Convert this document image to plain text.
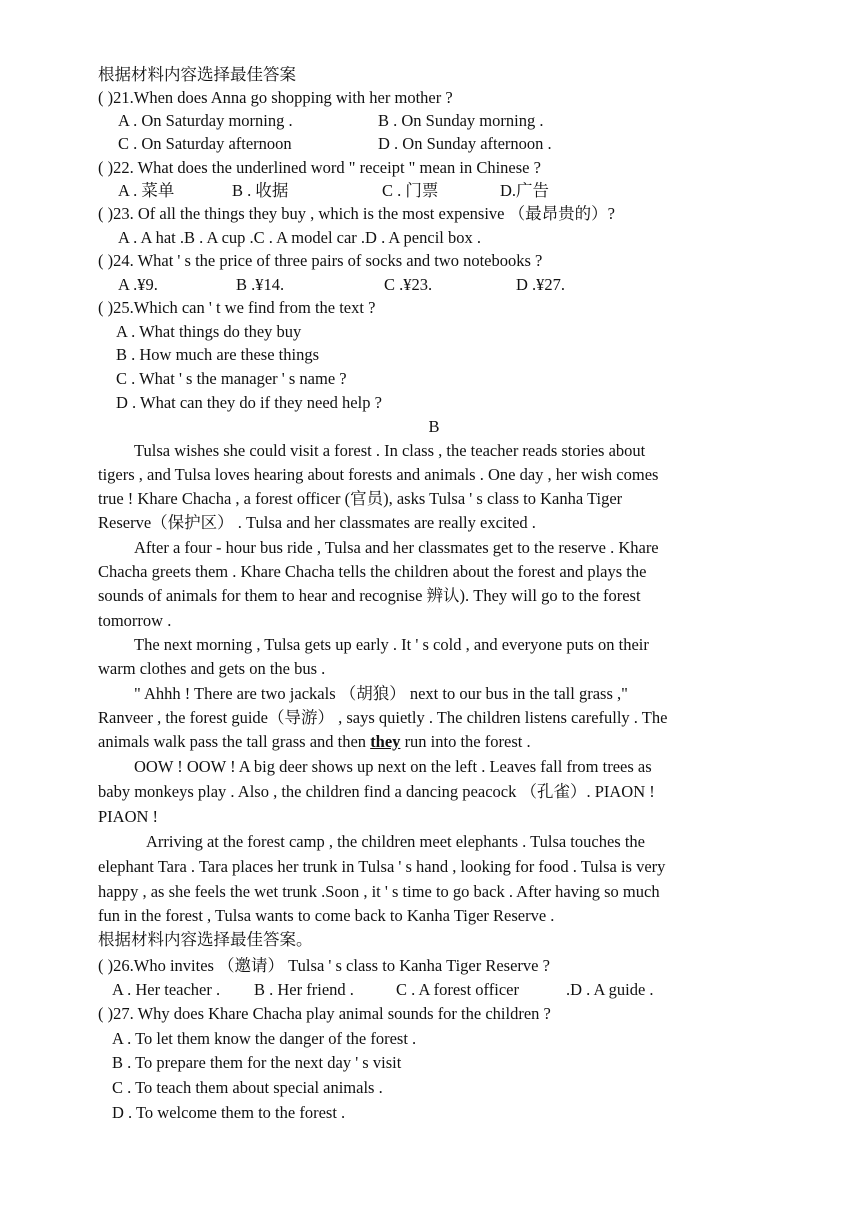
根据材料内容选择最佳答案
( )21.When does Anna go shopping with her mother ?
A . On Saturday morning .	B . On Sunday morning .
C . On Saturday afternoon	D . On Sunday afternoon .
( )22. What does the underlined word " receipt " mean in Chinese ?
A . 菜单	B . 收据	C . 门票	D.广告
( )23. Of all the things they buy , which is the most expensive （最昂贵的）?
A . A hat .B . A cup .C . A model car .D . A pencil box .
( )24. What ' s the price of three pairs of socks and two notebooks ?
A .¥9.	B .¥14.	C .¥23.	D .¥27.
( )25.Which can ' t we find from the text ?
A . What things do they buy
B . How much are these things
C . What ' s the manager ' s name ?
D . What can they do if they need help ?
B
Tulsa wishes she could visit a forest . In class , the teacher reads stories about
tigers , and Tulsa loves hearing about forests and animals . One day , her wish comes
true ! Khare Chacha , a forest officer (官员), asks Tulsa ' s class to Kanha Tiger
Reserve（保护区） . Tulsa and her classmates are really excited .
After a four - hour bus ride , Tulsa and her classmates get to the reserve . Khare
Chacha greets them . Khare Chacha tells the children about the forest and plays the
sounds of animals for them to hear and recognise 辨认). They will go to the forest
tomorrow .
The next morning , Tulsa gets up early . It ' s cold , and everyone puts on their
warm clothes and gets on the bus .
" Ahhh ! There are two jackals （胡狼） next to our bus in the tall grass ,"
Ranveer , the forest guide（导游） , says quietly . The children listens carefully . The
animals walk pass the tall grass and then they run into the forest .
OOW ! OOW ! A big deer shows up next on the left . Leaves fall from trees as
baby monkeys play . Also , the children find a dancing peacock （孔雀）. PIAON !
PIAON !
Arriving at the forest camp , the children meet elephants . Tulsa touches the
elephant Tara . Tara places her trunk in Tulsa ' s hand , looking for food . Tulsa is very
happy , as she feels the wet trunk .Soon , it ' s time to go back . After having so much
fun in the forest , Tulsa wants to come back to Kanha Tiger Reserve .
根据材料内容选择最佳答案。
( )26.Who invites （邀请） Tulsa ' s class to Kanha Tiger Reserve ?
A . Her teacher . B . Her friend .	C . A forest officer	.D . A guide .
( )27. Why does Khare Chacha play animal sounds for the children ?
A . To let them know the danger of the forest .
B . To prepare them for the next day ' s visit
C . To teach them about special animals .
D . To welcome them to the forest .
